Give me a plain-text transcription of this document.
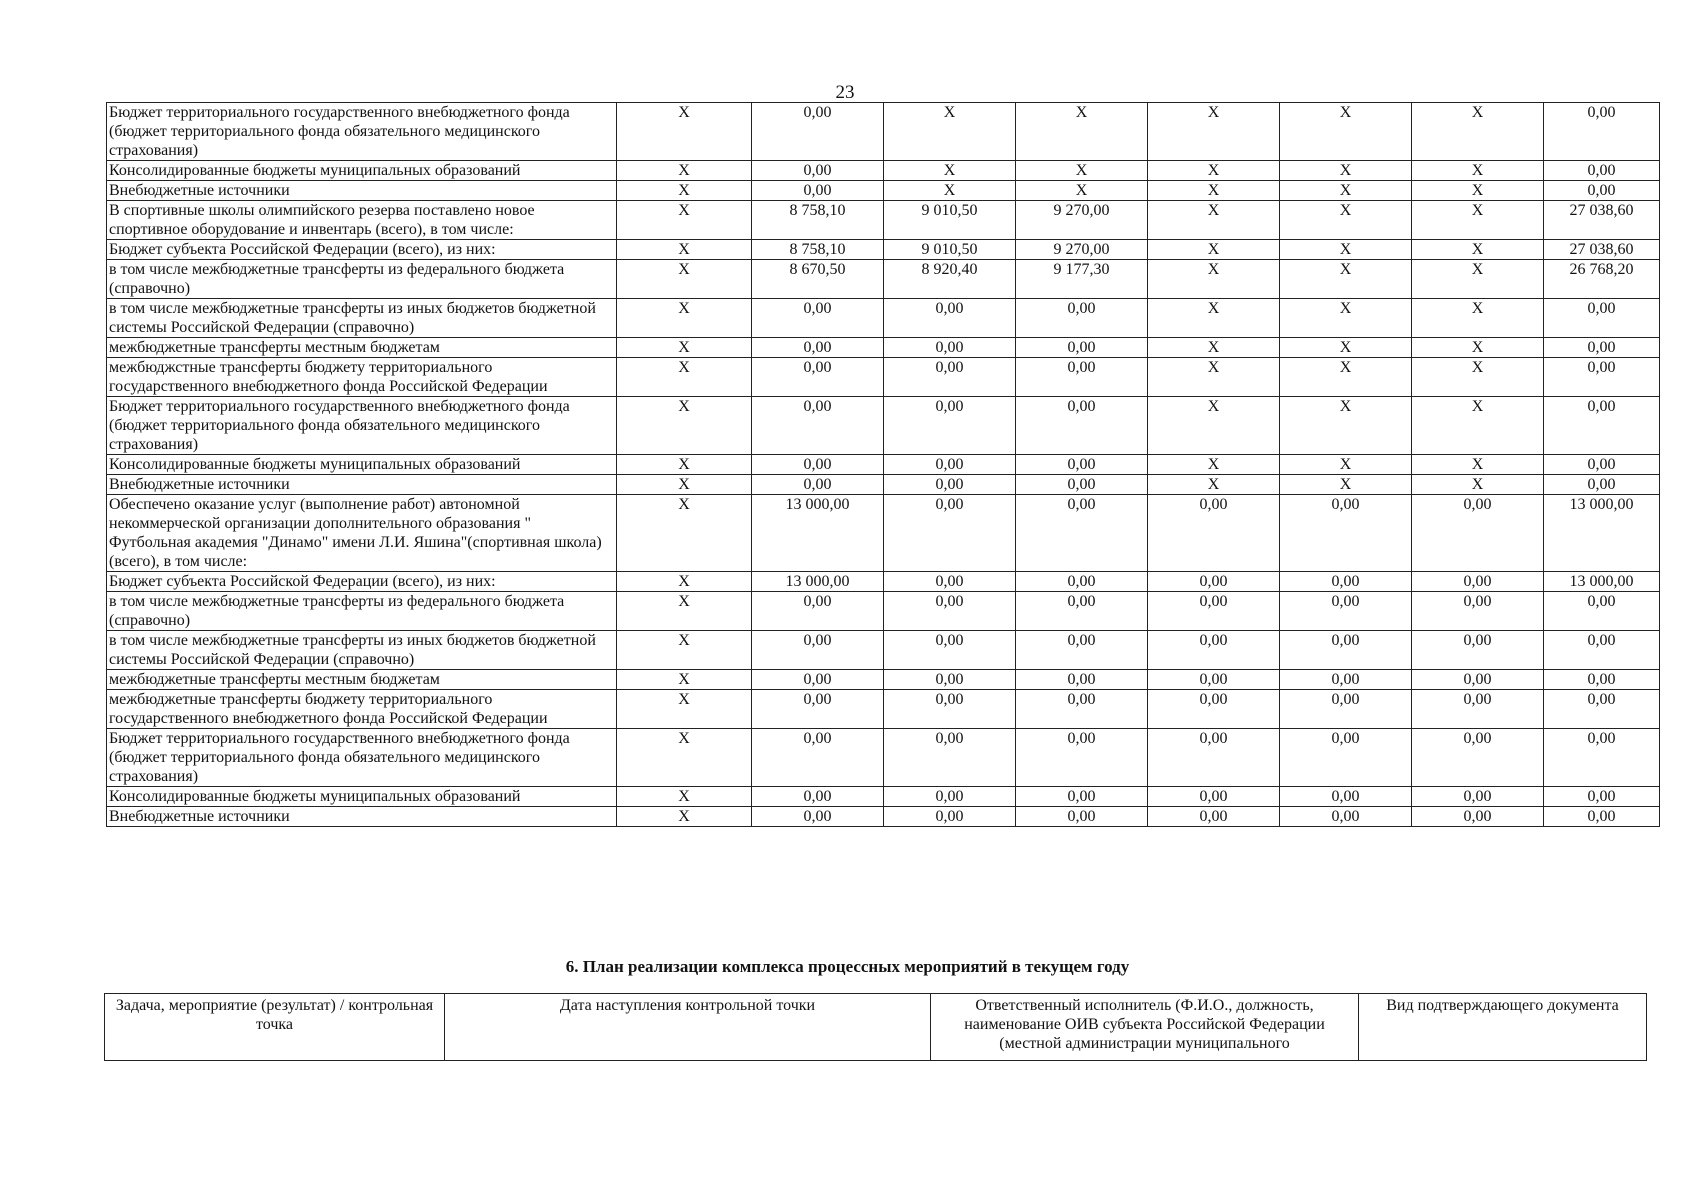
23
Бюджет территориального государственного внебюджетного фонда (бюджет территориального фонда обязательного медицинского страхования)	X	0,00	X	X	X	X	X	0,00
Консолидированные бюджеты муниципальных образований	X	0,00	X	X	X	X	X	0,00
Внебюджетные источники	X	0,00	X	X	X	X	X	0,00
В спортивные школы олимпийского резерва поставлено новое спортивное оборудование и инвентарь (всего), в том числе:	X	8 758,10	9 010,50	9 270,00	X	X	X	27 038,60
Бюджет субъекта Российской Федерации (всего), из них:	X	8 758,10	9 010,50	9 270,00	X	X	X	27 038,60
в том числе межбюджетные трансферты из федерального бюджета (справочно)	X	8 670,50	8 920,40	9 177,30	X	X	X	26 768,20
в том числе межбюджетные трансферты из иных бюджетов бюджетной системы Российской Федерации (справочно)	X	0,00	0,00	0,00	X	X	X	0,00
межбюджетные трансферты местным бюджетам	X	0,00	0,00	0,00	X	X	X	0,00
межбюджстные трансферты бюджету территориального государственного внебюджетного фонда Российской Федерации	X	0,00	0,00	0,00	X	X	X	0,00
Бюджет территориального государственного внебюджетного фонда (бюджет территориального фонда обязательного медицинского страхования)	X	0,00	0,00	0,00	X	X	X	0,00
Консолидированные бюджеты муниципальных образований	X	0,00	0,00	0,00	X	X	X	0,00
Внебюджетные источники	X	0,00	0,00	0,00	X	X	X	0,00
Обеспечено оказание услуг (выполнение работ) автономной некоммерческой организации дополнительного образования " Футбольная академия "Динамо" имени Л.И. Яшина"(спортивная школа) (всего), в том числе:	X	13 000,00	0,00	0,00	0,00	0,00	0,00	13 000,00
Бюджет субъекта Российской Федерации (всего), из них:	X	13 000,00	0,00	0,00	0,00	0,00	0,00	13 000,00
в том числе межбюджетные трансферты из федерального бюджета (справочно)	X	0,00	0,00	0,00	0,00	0,00	0,00	0,00
в том числе межбюджетные трансферты из иных бюджетов бюджетной системы Российской Федерации (справочно)	X	0,00	0,00	0,00	0,00	0,00	0,00	0,00
межбюджетные трансферты местным бюджетам	X	0,00	0,00	0,00	0,00	0,00	0,00	0,00
межбюджетные трансферты бюджету территориального государственного внебюджетного фонда Российской Федерации	X	0,00	0,00	0,00	0,00	0,00	0,00	0,00
Бюджет территориального государственного внебюджетного фонда (бюджет территориального фонда обязательного медицинского страхования)	X	0,00	0,00	0,00	0,00	0,00	0,00	0,00
Консолидированные бюджеты муниципальных образований	X	0,00	0,00	0,00	0,00	0,00	0,00	0,00
Внебюджетные источники	X	0,00	0,00	0,00	0,00	0,00	0,00	0,00
6. План реализации комплекса процессных мероприятий в текущем году
Задача, мероприятие (результат) / контрольная точка	Дата наступления контрольной точки	Ответственный исполнитель (Ф.И.О., должность, наименование ОИВ субъекта Российской Федерации (местной администрации муниципального	Вид подтверждающего документа
